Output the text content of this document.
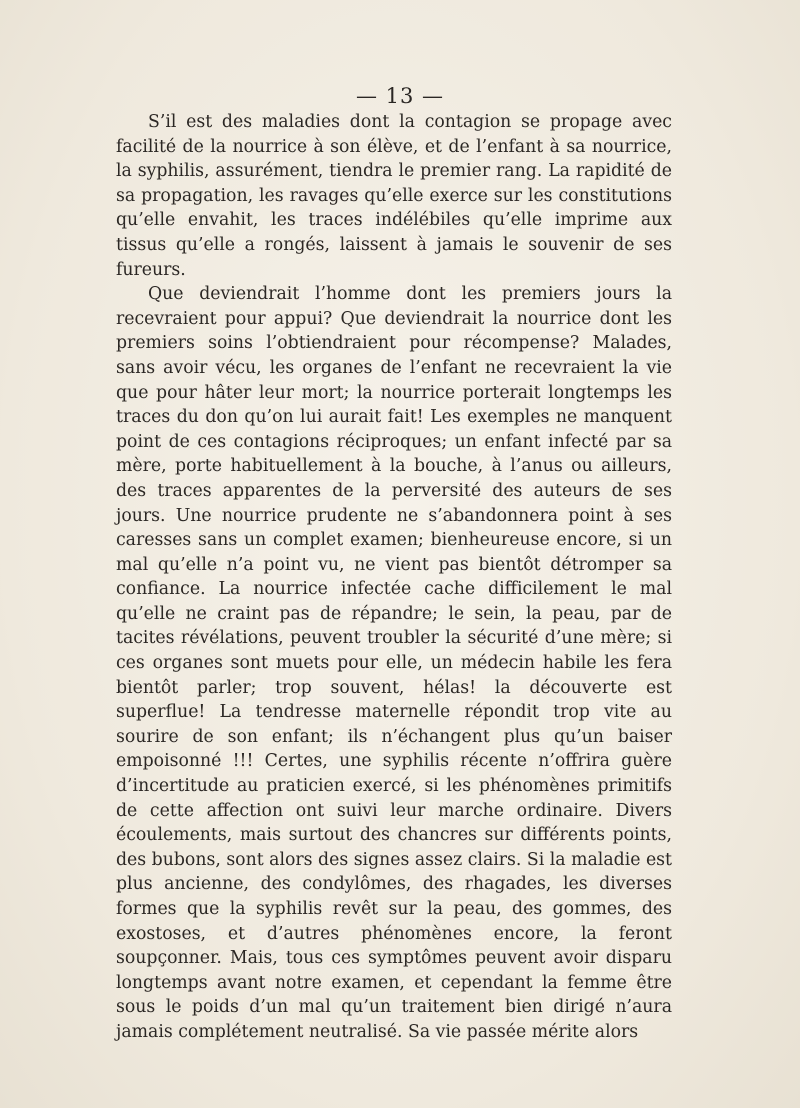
— 13 —

S’il est des maladies dont la contagion se propage avec facilité de la nourrice à son élève, et de l’enfant à sa nourrice, la syphilis, assurément, tiendra le premier rang. La rapidité de sa propagation, les ravages qu’elle exerce sur les constitutions qu’elle envahit, les traces indélébiles qu’elle imprime aux tissus qu’elle a rongés, laissent à jamais le souvenir de ses fureurs.

Que deviendrait l’homme dont les premiers jours la recevraient pour appui? Que deviendrait la nourrice dont les premiers soins l’obtiendraient pour récompense? Malades, sans avoir vécu, les organes de l’enfant ne recevraient la vie que pour hâter leur mort; la nourrice porterait longtemps les traces du don qu’on lui aurait fait! Les exemples ne manquent point de ces contagions réciproques; un enfant infecté par sa mère, porte habituellement à la bouche, à l’anus ou ailleurs, des traces apparentes de la perversité des auteurs de ses jours. Une nourrice prudente ne s’abandonnera point à ses caresses sans un complet examen; bienheureuse encore, si un mal qu’elle n’a point vu, ne vient pas bientôt détromper sa confiance. La nourrice infectée cache difficilement le mal qu’elle ne craint pas de répandre; le sein, la peau, par de tacites révélations, peuvent troubler la sécurité d’une mère; si ces organes sont muets pour elle, un médecin habile les fera bientôt parler; trop souvent, hélas! la découverte est superflue! La tendresse maternelle répondit trop vite au sourire de son enfant; ils n’échangent plus qu’un baiser empoisonné !!! Certes, une syphilis récente n’offrira guère d’incertitude au praticien exercé, si les phénomènes primitifs de cette affection ont suivi leur marche ordinaire. Divers écoulements, mais surtout des chancres sur différents points, des bubons, sont alors des signes assez clairs. Si la maladie est plus ancienne, des condylômes, des rhagades, les diverses formes que la syphilis revêt sur la peau, des gommes, des exostoses, et d’autres phénomènes encore, la feront soupçonner. Mais, tous ces symptômes peuvent avoir disparu longtemps avant notre examen, et cependant la femme être sous le poids d’un mal qu’un traitement bien dirigé n’aura jamais complétement neutralisé. Sa vie passée mérite alors
